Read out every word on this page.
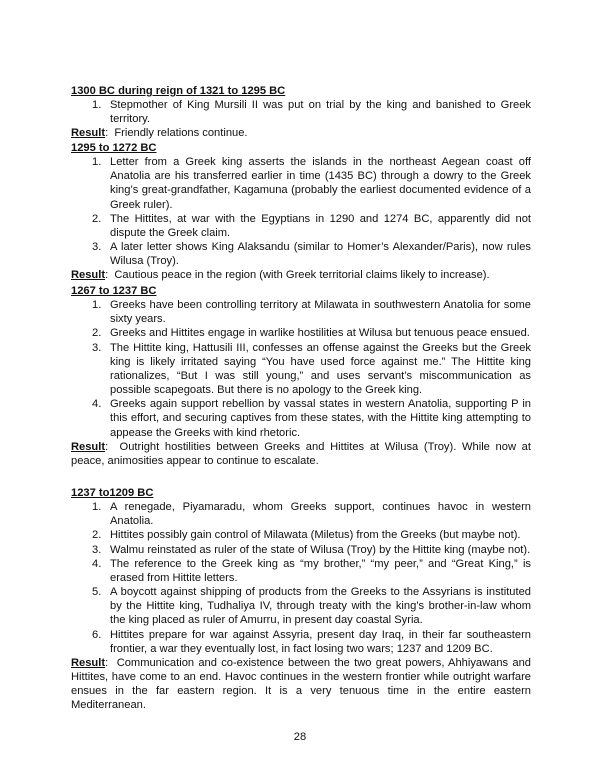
1300 BC during reign of 1321 to 1295 BC

1. Stepmother of King Mursili II was put on trial by the king and banished to Greek territory.

Result:  Friendly relations continue.

1295 to 1272 BC

1. Letter from a Greek king asserts the islands in the northeast Aegean coast off Anatolia are his transferred earlier in time (1435 BC) through a dowry to the Greek king’s great-grandfather, Kagamuna (probably the earliest documented evidence of a Greek ruler).
2. The Hittites, at war with the Egyptians in 1290 and 1274 BC, apparently did not dispute the Greek claim.
3. A later letter shows King Alaksandu (similar to Homer’s Alexander/Paris), now rules Wilusa (Troy).

Result:  Cautious peace in the region (with Greek territorial claims likely to increase).

1267 to 1237 BC

1. Greeks have been controlling territory at Milawata in southwestern Anatolia for some sixty years.
2. Greeks and Hittites engage in warlike hostilities at Wilusa but tenuous peace ensued.
3. The Hittite king, Hattusili III, confesses an offense against the Greeks but the Greek king is likely irritated saying “You have used force against me.” The Hittite king rationalizes, “But I was still young,” and uses servant’s miscommunication as possible scapegoats. But there is no apology to the Greek king.
4. Greeks again support rebellion by vassal states in western Anatolia, supporting P in this effort, and securing captives from these states, with the Hittite king attempting to appease the Greeks with kind rhetoric.

Result:  Outright hostilities between Greeks and Hittites at Wilusa (Troy). While now at peace, animosities appear to continue to escalate.

1237 to1209 BC

1. A renegade, Piyamaradu, whom Greeks support, continues havoc in western Anatolia.
2. Hittites possibly gain control of Milawata (Miletus) from the Greeks (but maybe not).
3. Walmu reinstated as ruler of the state of Wilusa (Troy) by the Hittite king (maybe not).
4. The reference to the Greek king as “my brother,” “my peer,” and “Great King,” is erased from Hittite letters.
5. A boycott against shipping of products from the Greeks to the Assyrians is instituted by the Hittite king, Tudhaliya IV, through treaty with the king’s brother-in-law whom the king placed as ruler of Amurru, in present day coastal Syria.
6. Hittites prepare for war against Assyria, present day Iraq, in their far southeastern frontier, a war they eventually lost, in fact losing two wars; 1237 and 1209 BC.

Result:  Communication and co-existence between the two great powers, Ahhiyawans and Hittites, have come to an end. Havoc continues in the western frontier while outright warfare ensues in the far eastern region. It is a very tenuous time in the entire eastern Mediterranean.

28
